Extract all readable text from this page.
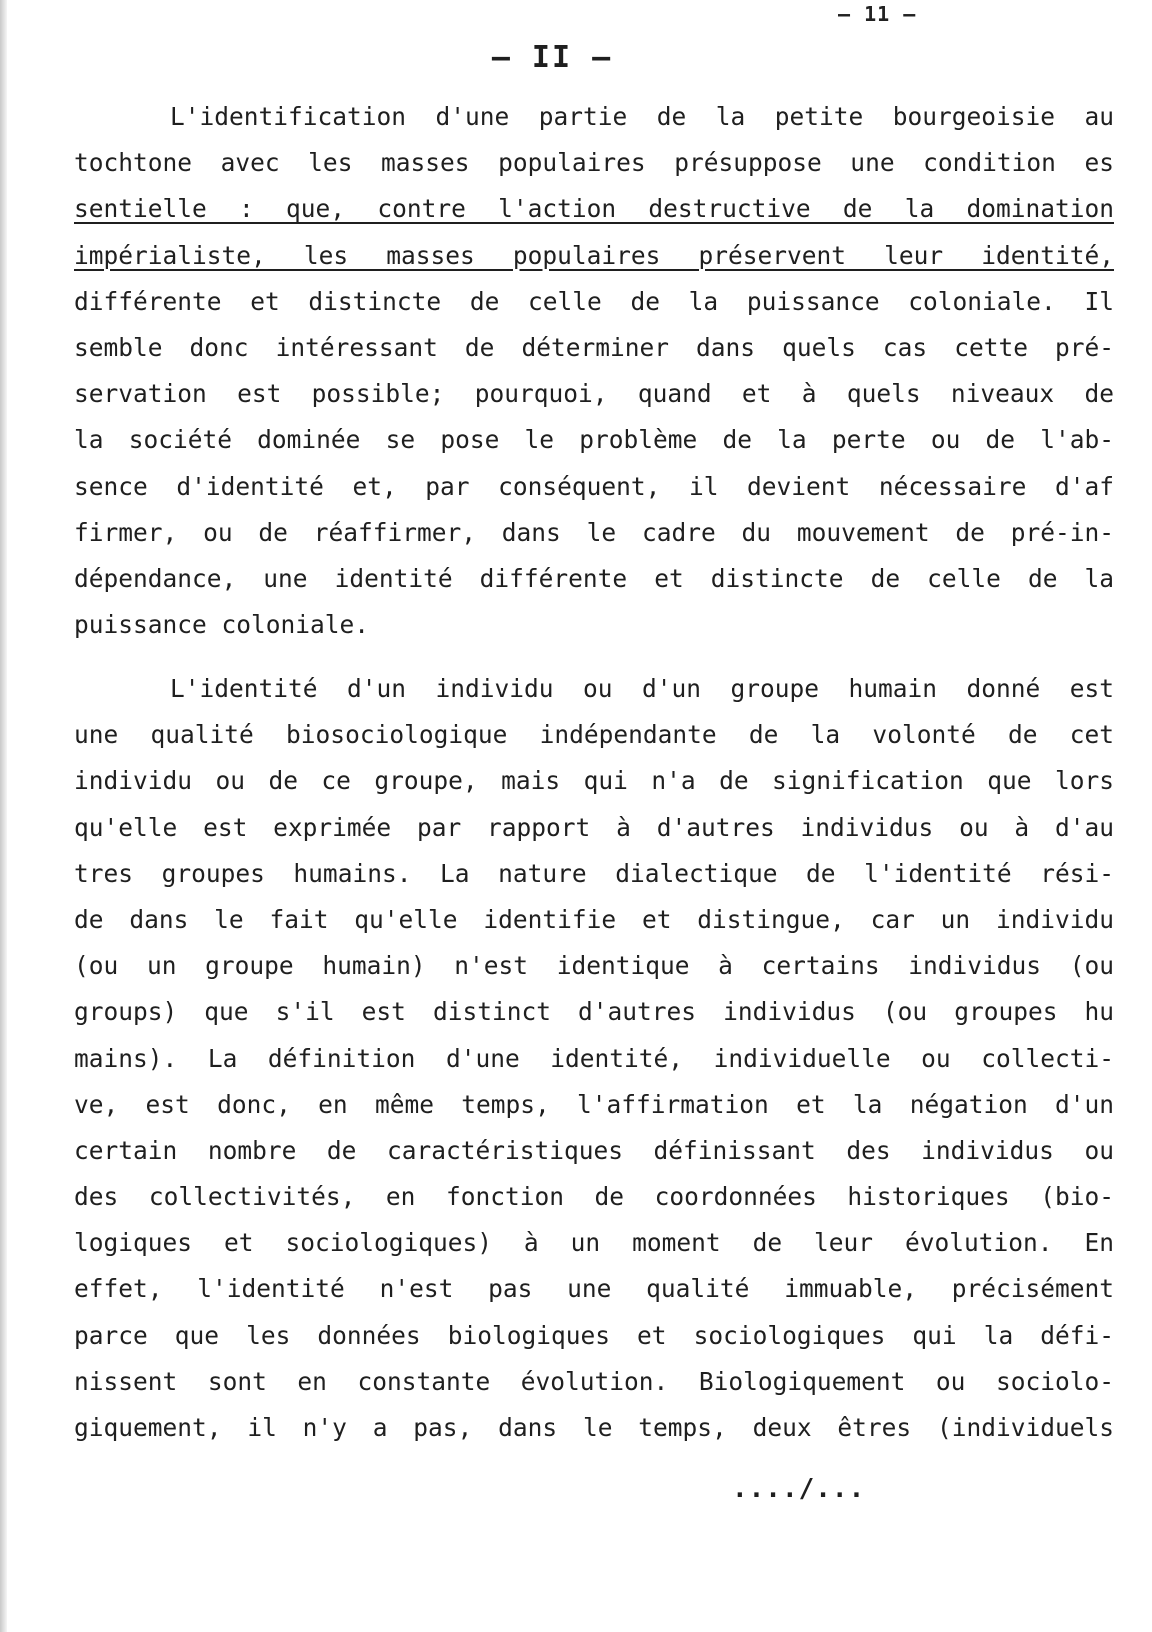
– 11 –
– II –
L'identification d'une partie de la petite bourgeoisie au
tochtone avec les masses populaires présuppose une condition es
sentielle : que, contre l'action destructive de la domination
impérialiste, les masses populaires préservent leur identité,
différente et distincte de celle de la puissance coloniale. Il
semble donc intéressant de déterminer dans quels cas cette pré-
servation est possible; pourquoi, quand et à quels niveaux de
la société dominée se pose le problème de la perte ou de l'ab-
sence d'identité et, par conséquent, il devient nécessaire d'af
firmer, ou de réaffirmer, dans le cadre du mouvement de pré-in-
dépendance, une identité différente et distincte de celle de la
puissance coloniale.
L'identité d'un individu ou d'un groupe humain donné est
une qualité biosociologique indépendante de la volonté de cet
individu ou de ce groupe, mais qui n'a de signification que lors
qu'elle est exprimée par rapport à d'autres individus ou à d'au
tres groupes humains. La nature dialectique de l'identité rési-
de dans le fait qu'elle identifie et distingue, car un individu
(ou un groupe humain) n'est identique à certains individus (ou
groups) que s'il est distinct d'autres individus (ou groupes hu
mains). La définition d'une identité, individuelle ou collecti-
ve, est donc, en même temps, l'affirmation et la négation d'un
certain nombre de caractéristiques définissant des individus ou
des collectivités, en fonction de coordonnées historiques (bio-
logiques et sociologiques) à un moment de leur évolution. En
effet, l'identité n'est pas une qualité immuable, précisément
parce que les données biologiques et sociologiques qui la défi-
nissent sont en constante évolution. Biologiquement ou sociolo-
giquement, il n'y a pas, dans le temps, deux êtres (individuels
..../...
